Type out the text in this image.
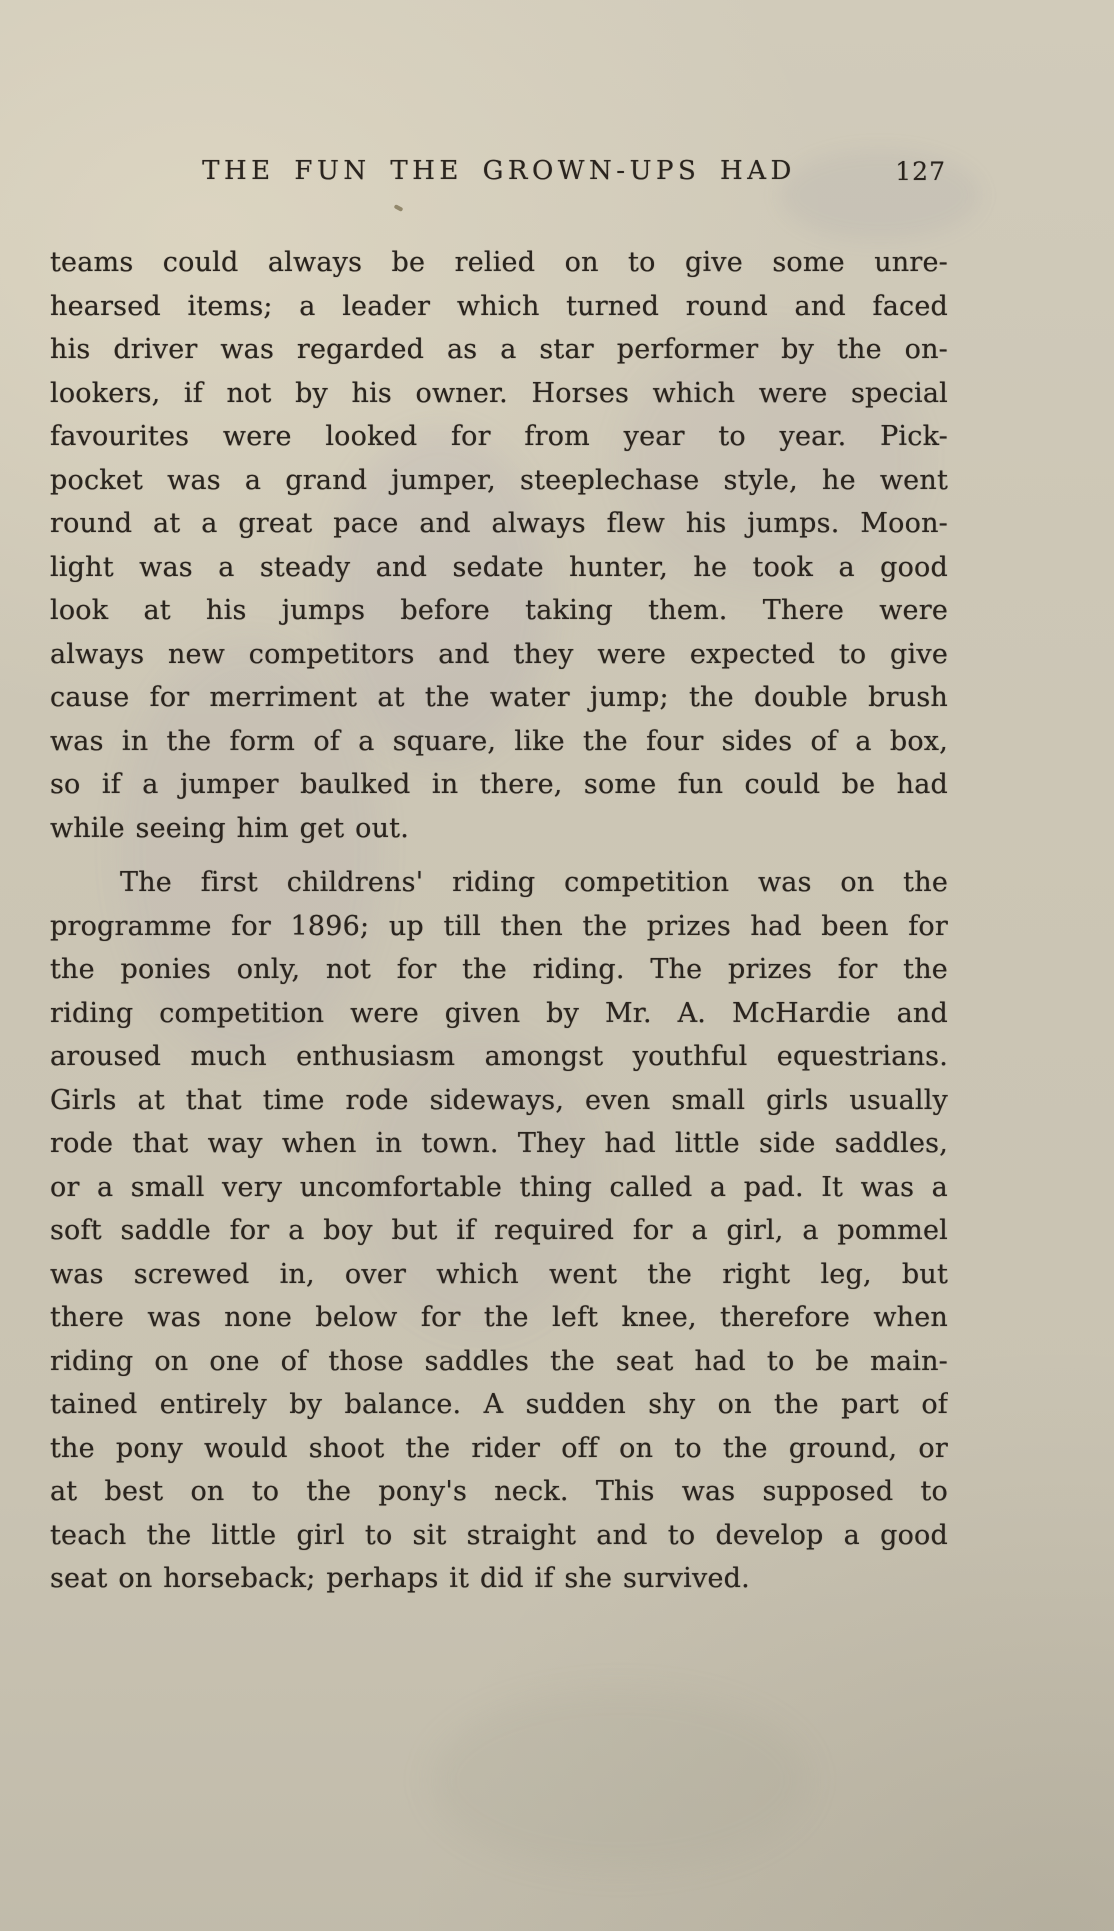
THE FUN THE GROWN-UPS HAD	127
teams could always be relied on to give some unre-
hearsed items; a leader which turned round and faced
his driver was regarded as a star performer by the on-
lookers, if not by his owner. Horses which were special
favourites were looked for from year to year. Pick-
pocket was a grand jumper, steeplechase style, he went
round at a great pace and always flew his jumps. Moon-
light was a steady and sedate hunter, he took a good
look at his jumps before taking them. There were
always new competitors and they were expected to give
cause for merriment at the water jump; the double brush
was in the form of a square, like the four sides of a box,
so if a jumper baulked in there, some fun could be had
while seeing him get out.
The first childrens' riding competition was on the
programme for 1896; up till then the prizes had been for
the ponies only, not for the riding. The prizes for the
riding competition were given by Mr. A. McHardie and
aroused much enthusiasm amongst youthful equestrians.
Girls at that time rode sideways, even small girls usually
rode that way when in town. They had little side saddles,
or a small very uncomfortable thing called a pad. It was a
soft saddle for a boy but if required for a girl, a pommel
was screwed in, over which went the right leg, but
there was none below for the left knee, therefore when
riding on one of those saddles the seat had to be main-
tained entirely by balance. A sudden shy on the part of
the pony would shoot the rider off on to the ground, or
at best on to the pony's neck. This was supposed to
teach the little girl to sit straight and to develop a good
seat on horseback; perhaps it did if she survived.
